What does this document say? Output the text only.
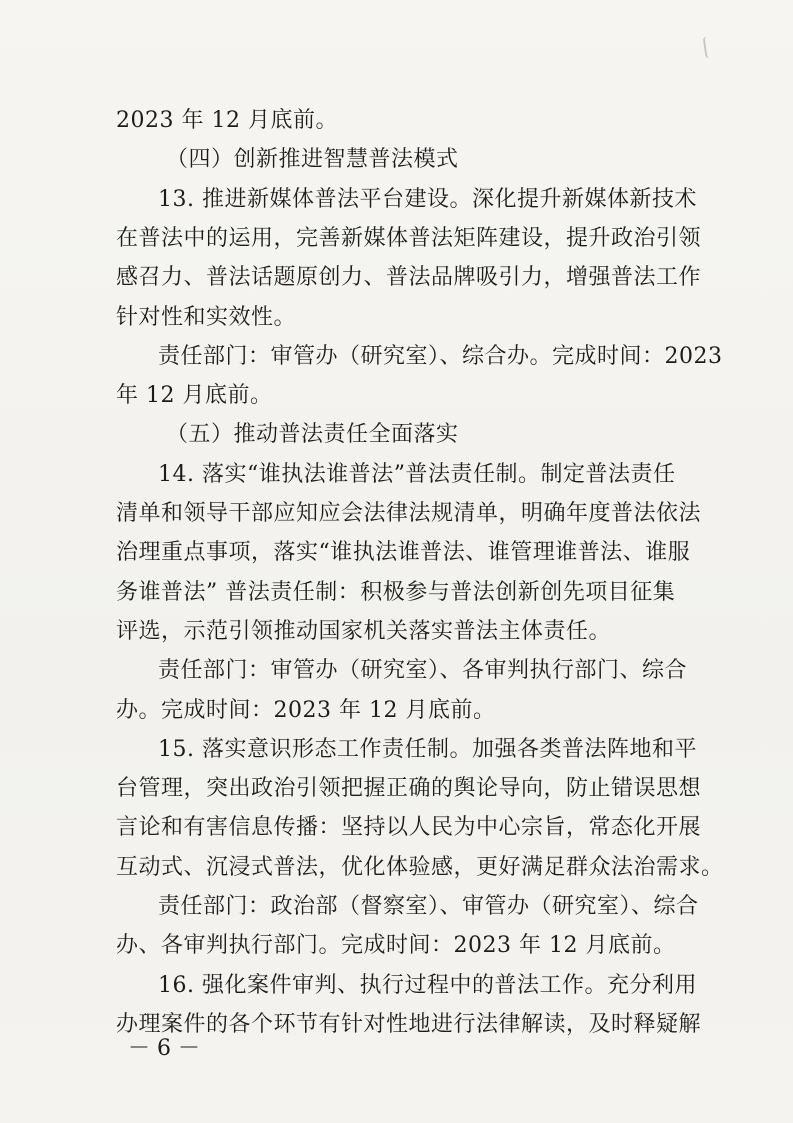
2023 年 12 月底前。
（四）创新推进智慧普法模式
13. 推进新媒体普法平台建设。深化提升新媒体新技术
在普法中的运用，完善新媒体普法矩阵建设，提升政治引领
感召力、普法话题原创力、普法品牌吸引力，增强普法工作
针对性和实效性。
责任部门：审管办（研究室）、综合办。完成时间：2023
年 12 月底前。
（五）推动普法责任全面落实
14. 落实“谁执法谁普法”普法责任制。制定普法责任
清单和领导干部应知应会法律法规清单，明确年度普法依法
治理重点事项，落实“谁执法谁普法、谁管理谁普法、谁服
务谁普法” 普法责任制：积极参与普法创新创先项目征集
评选，示范引领推动国家机关落实普法主体责任。
责任部门：审管办（研究室）、各审判执行部门、综合
办。完成时间：2023 年 12 月底前。
15. 落实意识形态工作责任制。加强各类普法阵地和平
台管理，突出政治引领把握正确的舆论导向，防止错误思想
言论和有害信息传播：坚持以人民为中心宗旨，常态化开展
互动式、沉浸式普法，优化体验感，更好满足群众法治需求。
责任部门：政治部（督察室）、审管办（研究室）、综合
办、各审判执行部门。完成时间：2023 年 12 月底前。
－ 6 －
16. 强化案件审判、执行过程中的普法工作。充分利用
办理案件的各个环节有针对性地进行法律解读，及时释疑解
